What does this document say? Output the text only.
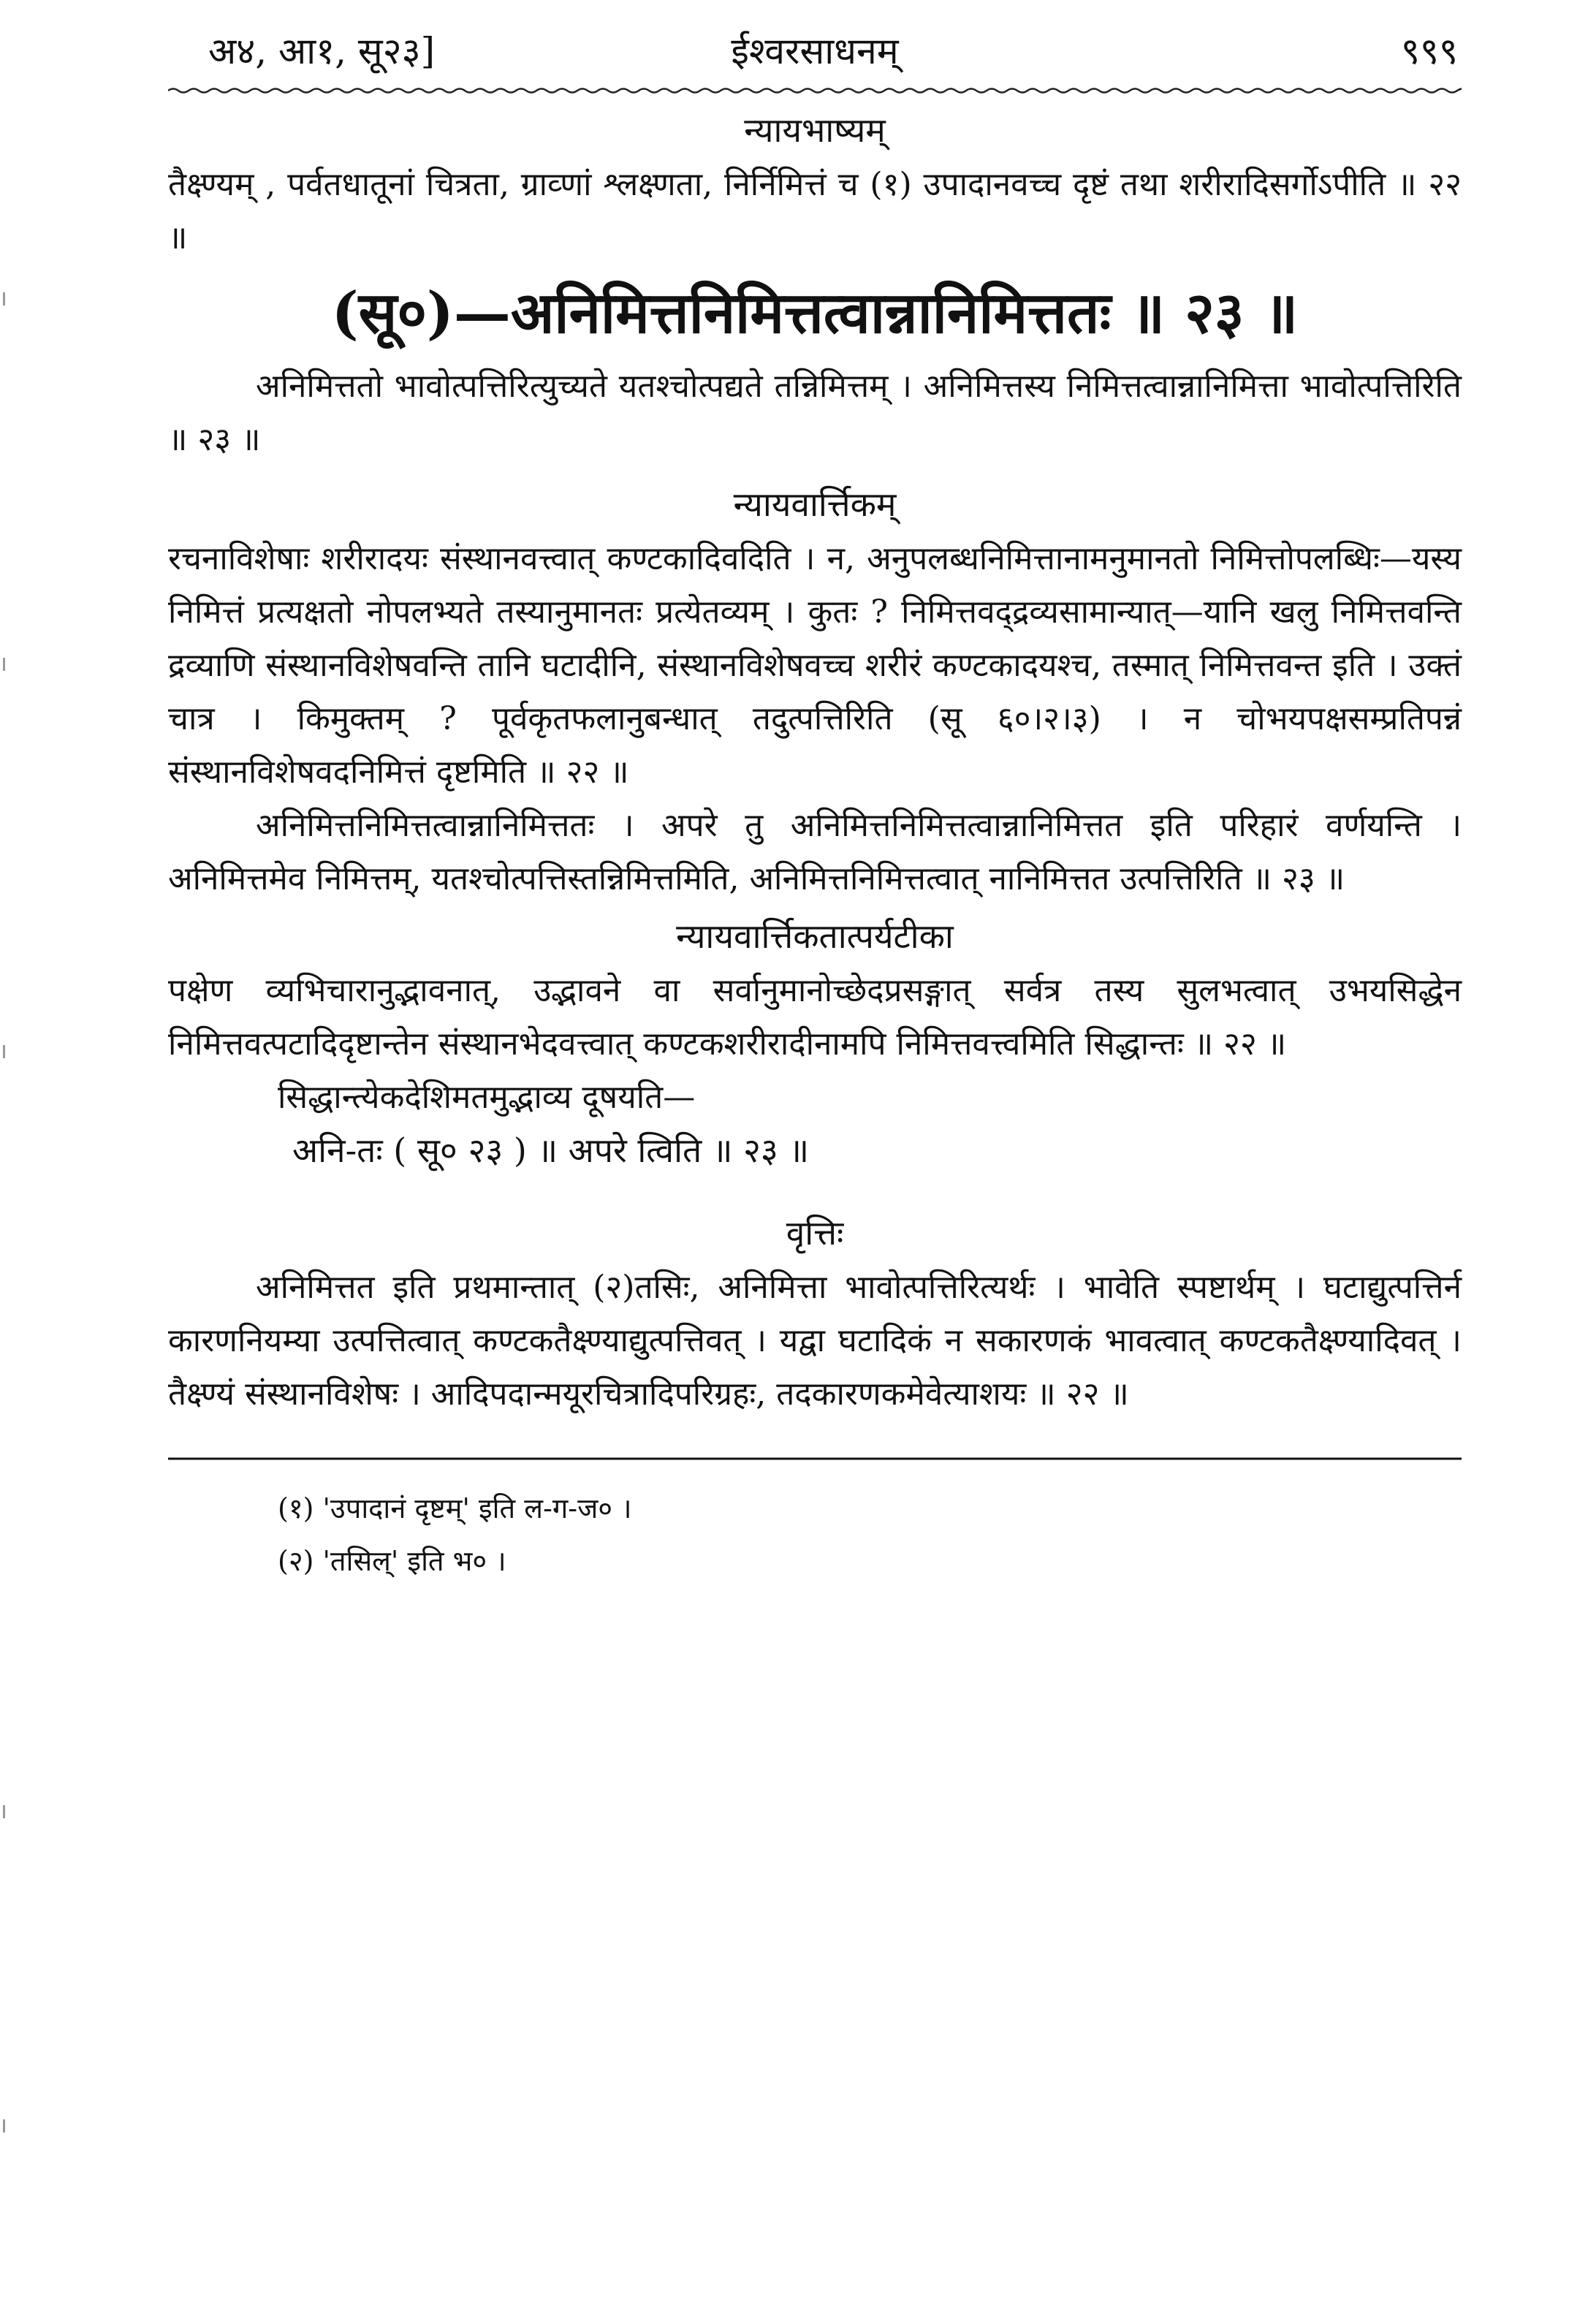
अ४, आ१, सू२३]	ईश्वरसाधनम्	९९९
न्यायभाष्यम्

तैक्ष्ण्यम् , पर्वतधातूनां चित्रता, ग्राव्णां श्लक्ष्णता, निर्निमित्तं च (१) उपादानवच्च दृष्टं तथा शरीरादिसर्गोऽपीति ॥ २२ ॥

(सू०)—अनिमित्तनिमित्तत्वान्नानिमित्ततः ॥ २३ ॥

अनिमित्ततो भावोत्पत्तिरित्युच्यते यतश्चोत्पद्यते तन्निमित्तम् । अनिमित्तस्य निमित्तत्वान्नानिमित्ता भावोत्पत्तिरिति ॥ २३ ॥

न्यायवार्त्तिकम्

रचनाविशेषाः शरीरादयः संस्थानवत्त्वात् कण्टकादिवदिति । न, अनुपलब्धनिमित्तानामनुमानतो निमित्तोपलब्धिः—यस्य निमित्तं प्रत्यक्षतो नोपलभ्यते तस्यानुमानतः प्रत्येतव्यम् । कुतः ? निमित्तवद्द्रव्यसामान्यात्—यानि खलु निमित्तवन्ति द्रव्याणि संस्थानविशेषवन्ति तानि घटादीनि, संस्थानविशेषवच्च शरीरं कण्टकादयश्च, तस्मात् निमित्तवन्त इति । उक्तं चात्र । किमुक्तम् ? पूर्वकृतफलानुबन्धात् तदुत्पत्तिरिति (सू ६०।२।३) । न चोभयपक्षसम्प्रतिपन्नं संस्थानविशेषवदनिमित्तं दृष्टमिति ॥ २२ ॥

अनिमित्तनिमित्तत्वान्नानिमित्ततः । अपरे तु अनिमित्तनिमित्तत्वान्नानिमित्तत इति परिहारं वर्णयन्ति । अनिमित्तमेव निमित्तम्, यतश्चोत्पत्तिस्तन्निमित्तमिति, अनिमित्तनिमित्तत्वात् नानिमित्तत उत्पत्तिरिति ॥ २३ ॥

न्यायवार्त्तिकतात्पर्यटीका

पक्षेण व्यभिचारानुद्भावनात्, उद्भावने वा सर्वानुमानोच्छेदप्रसङ्गात् सर्वत्र तस्य सुलभत्वात् उभयसिद्धेन निमित्तवत्पटादिदृष्टान्तेन संस्थानभेदवत्त्वात् कण्टकशरीरादीनामपि निमित्तवत्त्वमिति सिद्धान्तः ॥ २२ ॥

सिद्धान्त्येकदेशिमतमुद्भाव्य दूषयति—
अनि-तः ( सू० २३ ) ॥ अपरे त्विति ॥ २३ ॥
वृत्तिः

अनिमित्तत इति प्रथमान्तात् (२)तसिः, अनिमित्ता भावोत्पत्तिरित्यर्थः । भावेति स्पष्टार्थम् । घटाद्युत्पत्तिर्न कारणनियम्या उत्पत्तित्वात् कण्टकतैक्ष्ण्याद्युत्पत्तिवत् । यद्वा घटादिकं न सकारणकं भावत्वात् कण्टकतैक्ष्ण्यादिवत् । तैक्ष्ण्यं संस्थानविशेषः । आदिपदान्मयूरचित्रादिपरिग्रहः, तदकारणकमेवेत्याशयः ॥ २२ ॥

(१) 'उपादानं दृष्टम्' इति ल-ग-ज० ।
(२) 'तसिल्' इति भ० ।
